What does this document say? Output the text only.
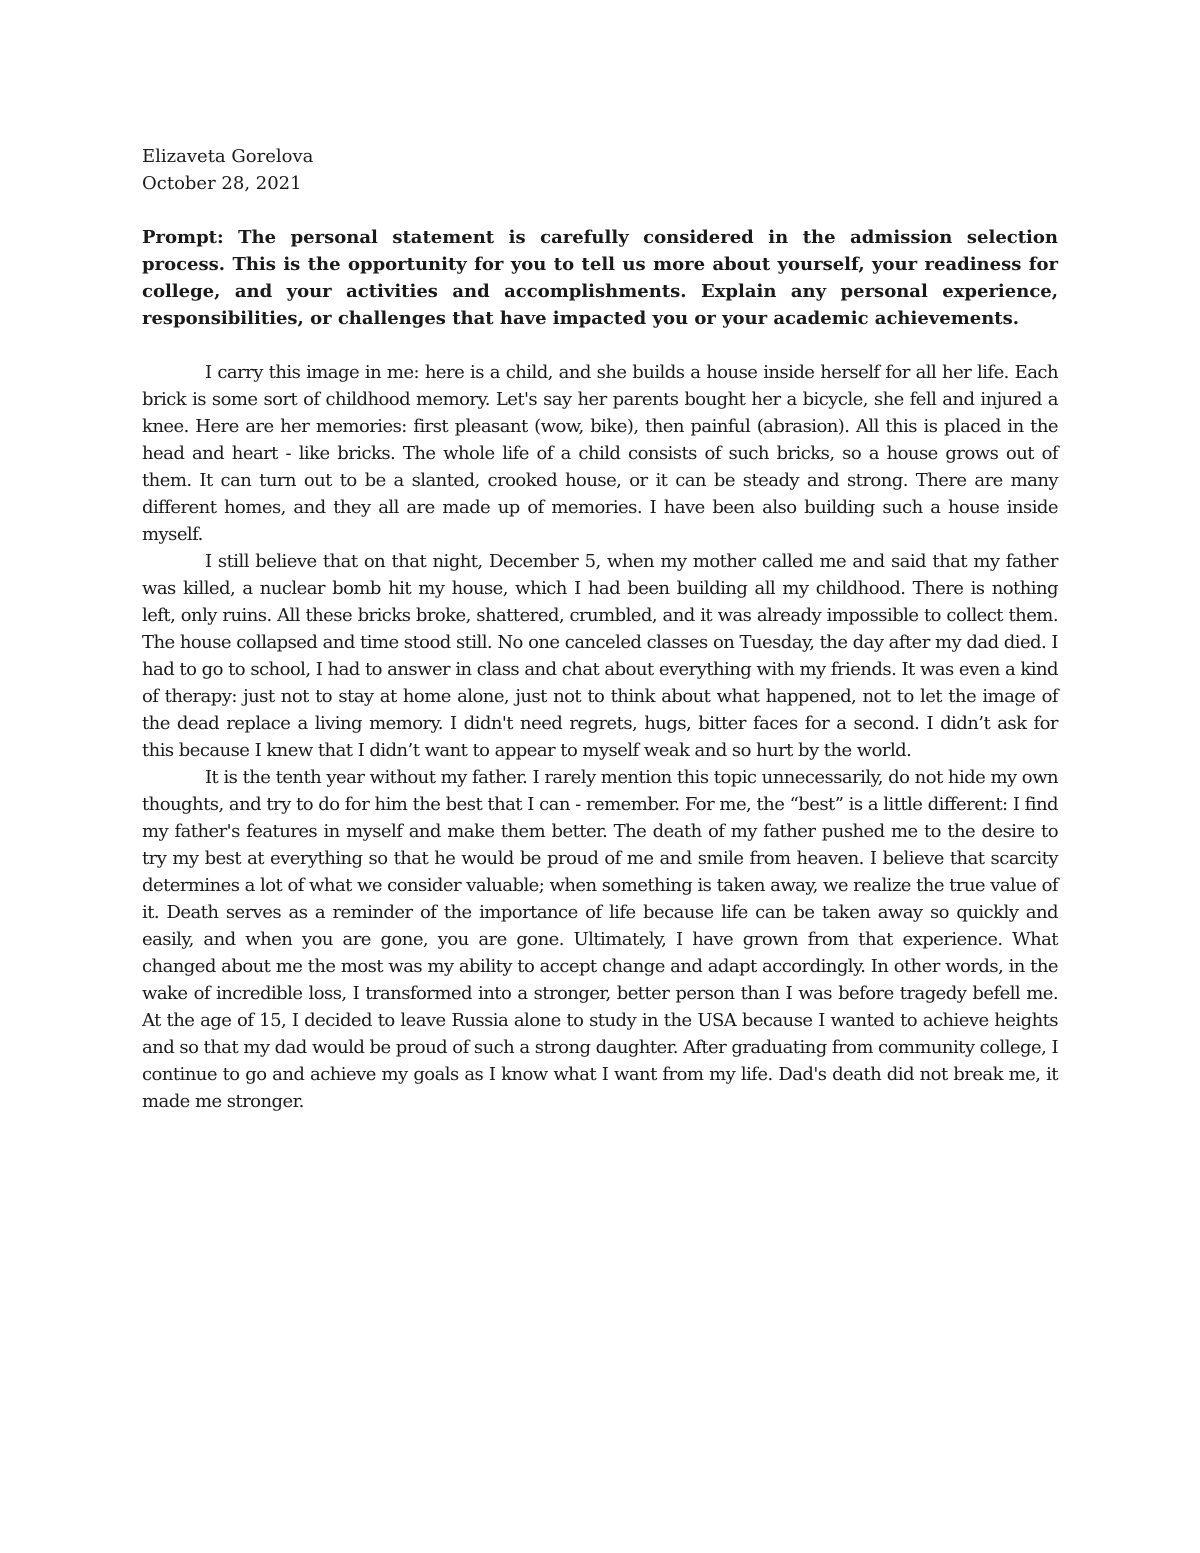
Elizaveta Gorelova
October 28, 2021

Prompt: The personal statement is carefully considered in the admission selection process. This is the opportunity for you to tell us more about yourself, your readiness for college, and your activities and accomplishments. Explain any personal experience, responsibilities, or challenges that have impacted you or your academic achievements.

I carry this image in me: here is a child, and she builds a house inside herself for all her life. Each brick is some sort of childhood memory. Let's say her parents bought her a bicycle, she fell and injured a knee. Here are her memories: first pleasant (wow, bike), then painful (abrasion). All this is placed in the head and heart - like bricks. The whole life of a child consists of such bricks, so a house grows out of them. It can turn out to be a slanted, crooked house, or it can be steady and strong. There are many different homes, and they all are made up of memories. I have been also building such a house inside myself.

I still believe that on that night, December 5, when my mother called me and said that my father was killed, a nuclear bomb hit my house, which I had been building all my childhood. There is nothing left, only ruins. All these bricks broke, shattered, crumbled, and it was already impossible to collect them. The house collapsed and time stood still. No one canceled classes on Tuesday, the day after my dad died. I had to go to school, I had to answer in class and chat about everything with my friends. It was even a kind of therapy: just not to stay at home alone, just not to think about what happened, not to let the image of the dead replace a living memory. I didn't need regrets, hugs, bitter faces for a second. I didn’t ask for this because I knew that I didn’t want to appear to myself weak and so hurt by the world.

It is the tenth year without my father. I rarely mention this topic unnecessarily, do not hide my own thoughts, and try to do for him the best that I can - remember. For me, the “best” is a little different: I find my father's features in myself and make them better. The death of my father pushed me to the desire to try my best at everything so that he would be proud of me and smile from heaven. I believe that scarcity determines a lot of what we consider valuable; when something is taken away, we realize the true value of it. Death serves as a reminder of the importance of life because life can be taken away so quickly and easily, and when you are gone, you are gone. Ultimately, I have grown from that experience. What changed about me the most was my ability to accept change and adapt accordingly. In other words, in the wake of incredible loss, I transformed into a stronger, better person than I was before tragedy befell me. At the age of 15, I decided to leave Russia alone to study in the USA because I wanted to achieve heights and so that my dad would be proud of such a strong daughter. After graduating from community college, I continue to go and achieve my goals as I know what I want from my life. Dad's death did not break me, it made me stronger.
